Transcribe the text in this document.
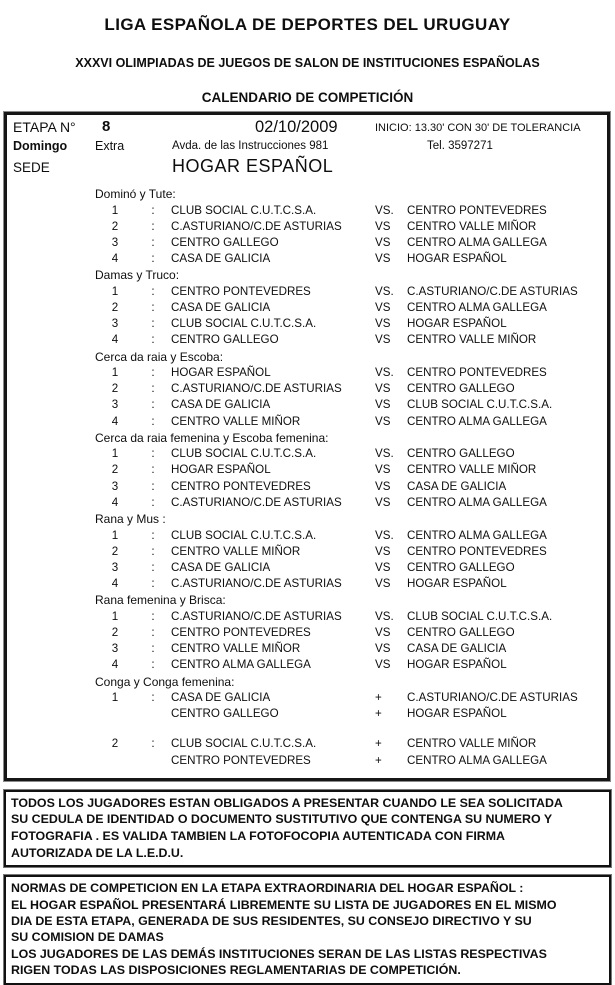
LIGA ESPAÑOLA DE DEPORTES DEL URUGUAY
XXXVI OLIMPIADAS DE JUEGOS DE SALON DE INSTITUCIONES ESPAÑOLAS
CALENDARIO DE COMPETICIÓN
ETAPA N° 8	02/10/2009	INICIO: 13.30' CON 30' DE TOLERANCIA
Domingo Extra	Avda. de las Instrucciones 981	Tel. 3597271
SEDE	HOGAR ESPAÑOL
Dominó y Tute:
1	:	CLUB SOCIAL C.U.T.C.S.A.	VS.	CENTRO PONTEVEDRES
2	:	C.ASTURIANO/C.DE ASTURIAS	VS	CENTRO VALLE MIÑOR
3	:	CENTRO GALLEGO	VS	CENTRO ALMA GALLEGA
4	:	CASA DE GALICIA	VS	HOGAR ESPAÑOL
Damas y Truco:
1	:	CENTRO PONTEVEDRES	VS.	C.ASTURIANO/C.DE ASTURIAS
2	:	CASA DE GALICIA	VS	CENTRO ALMA GALLEGA
3	:	CLUB SOCIAL C.U.T.C.S.A.	VS	HOGAR ESPAÑOL
4	:	CENTRO GALLEGO	VS	CENTRO VALLE MIÑOR
Cerca da raia y Escoba:
1	:	HOGAR ESPAÑOL	VS.	CENTRO PONTEVEDRES
2	:	C.ASTURIANO/C.DE ASTURIAS	VS	CENTRO GALLEGO
3	:	CASA DE GALICIA	VS	CLUB SOCIAL C.U.T.C.S.A.
4	:	CENTRO VALLE MIÑOR	VS	CENTRO ALMA GALLEGA
Cerca da raia femenina y Escoba femenina:
1	:	CLUB SOCIAL C.U.T.C.S.A.	VS.	CENTRO GALLEGO
2	:	HOGAR ESPAÑOL	VS	CENTRO VALLE MIÑOR
3	:	CENTRO PONTEVEDRES	VS	CASA DE GALICIA
4	:	C.ASTURIANO/C.DE ASTURIAS	VS	CENTRO ALMA GALLEGA
Rana y Mus :
1	:	CLUB SOCIAL C.U.T.C.S.A.	VS.	CENTRO ALMA GALLEGA
2	:	CENTRO VALLE MIÑOR	VS	CENTRO PONTEVEDRES
3	:	CASA DE GALICIA	VS	CENTRO GALLEGO
4	:	C.ASTURIANO/C.DE ASTURIAS	VS	HOGAR ESPAÑOL
Rana femenina y Brisca:
1	:	C.ASTURIANO/C.DE ASTURIAS	VS.	CLUB SOCIAL C.U.T.C.S.A.
2	:	CENTRO PONTEVEDRES	VS	CENTRO GALLEGO
3	:	CENTRO VALLE MIÑOR	VS	CASA DE GALICIA
4	:	CENTRO ALMA GALLEGA	VS	HOGAR ESPAÑOL
Conga y Conga femenina:
1	:	CASA DE GALICIA	+	C.ASTURIANO/C.DE ASTURIAS
CENTRO GALLEGO	+	HOGAR ESPAÑOL
2	:	CLUB SOCIAL C.U.T.C.S.A.	+	CENTRO VALLE MIÑOR
CENTRO PONTEVEDRES	+	CENTRO ALMA GALLEGA
TODOS LOS JUGADORES ESTAN OBLIGADOS A PRESENTAR CUANDO LE SEA SOLICITADA
SU CEDULA DE IDENTIDAD O DOCUMENTO SUSTITUTIVO QUE CONTENGA SU NUMERO Y
FOTOGRAFIA . ES VALIDA TAMBIEN LA FOTOFOCOPIA AUTENTICADA CON FIRMA
AUTORIZADA DE LA L.E.D.U.
NORMAS DE COMPETICION EN LA ETAPA EXTRAORDINARIA DEL HOGAR ESPAÑOL :
EL HOGAR ESPAÑOL PRESENTARÁ LIBREMENTE SU LISTA DE JUGADORES EN EL MISMO
DIA DE ESTA ETAPA, GENERADA DE SUS RESIDENTES, SU CONSEJO DIRECTIVO Y SU
SU COMISION DE DAMAS
LOS JUGADORES DE LAS DEMÁS INSTITUCIONES SERAN DE LAS LISTAS RESPECTIVAS
RIGEN TODAS LAS DISPOSICIONES REGLAMENTARIAS DE COMPETICIÓN.
